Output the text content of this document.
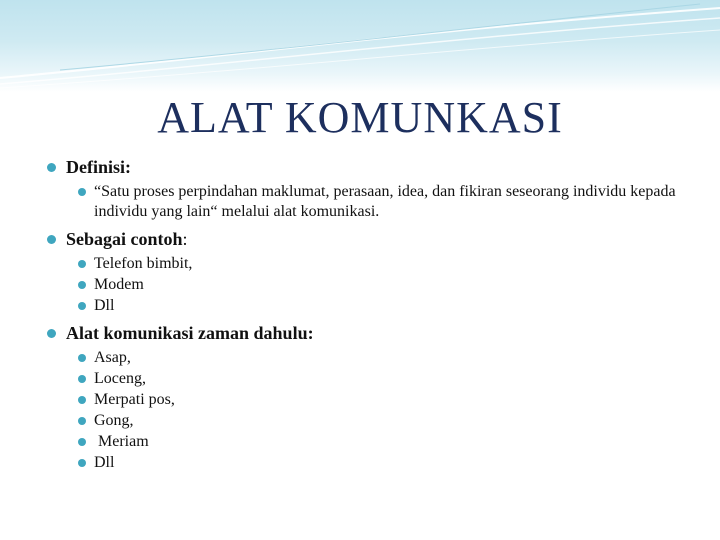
ALAT KOMUNKASI
Definisi:
“Satu proses perpindahan maklumat, perasaan, idea, dan fikiran seseorang individu kepada individu yang lain“ melalui alat komunikasi.
Sebagai contoh:
Telefon bimbit,
Modem
Dll
Alat komunikasi zaman dahulu:
Asap,
Loceng,
Merpati pos,
Gong,
Meriam
Dll
